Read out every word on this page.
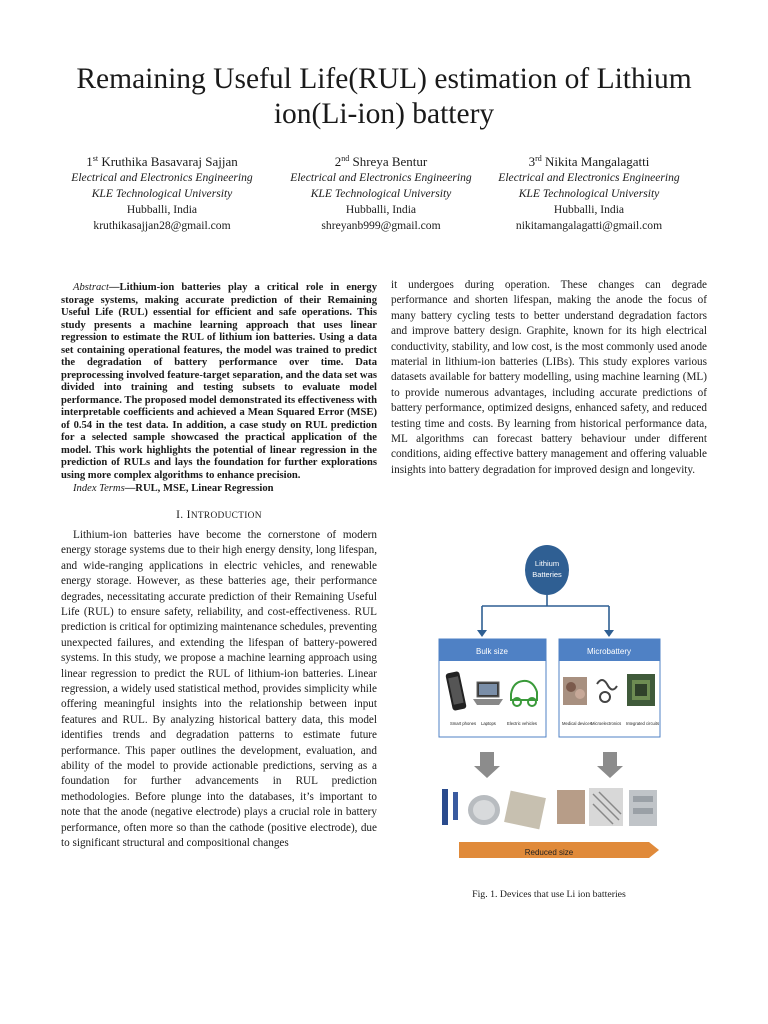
Remaining Useful Life(RUL) estimation of Lithium ion(Li-ion) battery
1st Kruthika Basavaraj Sajjan
Electrical and Electronics Engineering
KLE Technological University
Hubballi, India
kruthikasajjan28@gmail.com
2nd Shreya Bentur
Electrical and Electronics Engineering
KLE Technological University
Hubballi, India
shreyanb999@gmail.com
3rd Nikita Mangalagatti
Electrical and Electronics Engineering
KLE Technological University
Hubballi, India
nikitamangalagatti@gmail.com

Abstract—Lithium-ion batteries play a critical role in energy storage systems, making accurate prediction of their Remaining Useful Life (RUL) essential for efficient and safe operations. This study presents a machine learning approach that uses linear regression to estimate the RUL of lithium ion batteries. Using a data set containing operational features, the model was trained to predict the degradation of battery performance over time. Data preprocessing involved feature-target separation, and the data set was divided into training and testing subsets to evaluate model performance. The proposed model demonstrated its effectiveness with interpretable coefficients and achieved a Mean Squared Error (MSE) of 0.54 in the test data. In addition, a case study on RUL prediction for a selected sample showcased the practical application of the model. This work highlights the potential of linear regression in the prediction of RULs and lays the foundation for further explorations using more complex algorithms to enhance precision.

Index Terms—RUL, MSE, Linear Regression

I. INTRODUCTION

Lithium-ion batteries have become the cornerstone of modern energy storage systems due to their high energy density, long lifespan, and wide-ranging applications in electric vehicles, and renewable energy storage. However, as these batteries age, their performance degrades, necessitating accurate prediction of their Remaining Useful Life (RUL) to ensure safety, reliability, and cost-effectiveness. RUL prediction is critical for optimizing maintenance schedules, preventing unexpected failures, and extending the lifespan of battery-powered systems. In this study, we propose a machine learning approach using linear regression to predict the RUL of lithium-ion batteries. Linear regression, a widely used statistical method, provides simplicity while offering meaningful insights into the relationship between input features and RUL. By analyzing historical battery data, this model identifies trends and degradation patterns to estimate future performance. This paper outlines the development, evaluation, and ability of the model to provide actionable predictions, serving as a foundation for further advancements in RUL prediction methodologies. Before plunge into the databases, it’s important to note that the anode (negative electrode) plays a crucial role in battery performance, often more so than the cathode (positive electrode), due to significant structural and compositional changes

it undergoes during operation. These changes can degrade performance and shorten lifespan, making the anode the focus of many battery cycling tests to better understand degradation factors and improve battery design. Graphite, known for its high electrical conductivity, stability, and low cost, is the most commonly used anode material in lithium-ion batteries (LIBs). This study explores various datasets available for battery modelling, using machine learning (ML) to provide numerous advantages, including accurate predictions of battery performance, optimized designs, enhanced safety, and reduced testing time and costs. By learning from historical performance data, ML algorithms can forecast battery behaviour under different conditions, aiding effective battery management and offering valuable insights into battery degradation for improved design and longevity.

Lithium
Batteries
Bulk size	Microbattery
Smart phones Laptops	Electric vehicles	Medical devices Microelectronics Integrated circuits
Reduced size
Fig. 1. Devices that use Li ion batteries
